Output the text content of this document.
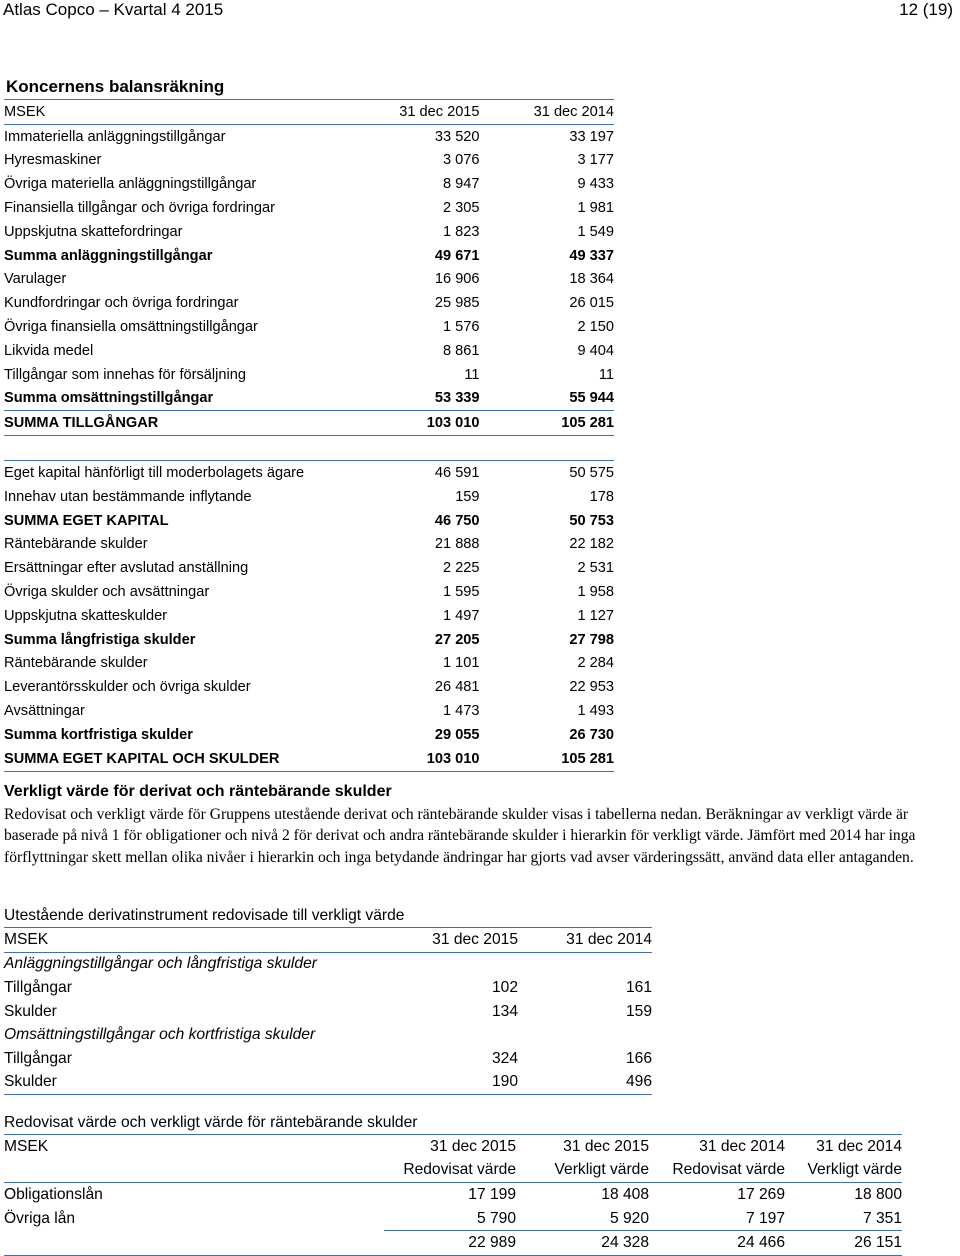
Atlas Copco – Kvartal 4 2015	12 (19)
Koncernens balansräkning
MSEK	31 dec 2015	31 dec 2014
Immateriella anläggningstillgångar	33 520	33 197
Hyresmaskiner	3 076	3 177
Övriga materiella anläggningstillgångar	8 947	9 433
Finansiella tillgångar och övriga fordringar	2 305	1 981
Uppskjutna skattefordringar	1 823	1 549
Summa anläggningstillgångar	49 671	49 337
Varulager	16 906	18 364
Kundfordringar och övriga fordringar	25 985	26 015
Övriga finansiella omsättningstillgångar	1 576	2 150
Likvida medel	8 861	9 404
Tillgångar som innehas för försäljning	11	11
Summa omsättningstillgångar	53 339	55 944
SUMMA TILLGÅNGAR	103 010	105 281

Eget kapital hänförligt till moderbolagets ägare	46 591	50 575
Innehav utan bestämmande inflytande	159	178
SUMMA EGET KAPITAL	46 750	50 753
Räntebärande skulder	21 888	22 182
Ersättningar efter avslutad anställning	2 225	2 531
Övriga skulder och avsättningar	1 595	1 958
Uppskjutna skatteskulder	1 497	1 127
Summa långfristiga skulder	27 205	27 798
Räntebärande skulder	1 101	2 284
Leverantörsskulder och övriga skulder	26 481	22 953
Avsättningar	1 473	1 493
Summa kortfristiga skulder	29 055	26 730
SUMMA EGET KAPITAL OCH SKULDER	103 010	105 281
Verkligt värde för derivat och räntebärande skulder
Redovisat och verkligt värde för Gruppens utestående derivat och räntebärande skulder visas i tabellerna nedan. Beräkningar av verkligt värde är baserade på nivå 1 för obligationer och nivå 2 för derivat och andra räntebärande skulder i hierarkin för verkligt värde. Jämfört med 2014 har inga förflyttningar skett mellan olika nivåer i hierarkin och inga betydande ändringar har gjorts vad avser värderingssätt, använd data eller antaganden.
Utestående derivatinstrument redovisade till verkligt värde
MSEK	31 dec 2015	31 dec 2014
Anläggningstillgångar och långfristiga skulder		
Tillgångar	102	161
Skulder	134	159
Omsättningstillgångar och kortfristiga skulder		
Tillgångar	324	166
Skulder	190	496
Redovisat värde och verkligt värde för räntebärande skulder
MSEK	31 dec 2015	31 dec 2015	31 dec 2014	31 dec 2014
	Redovisat värde	Verkligt värde	Redovisat värde	Verkligt värde
Obligationslån	17 199	18 408	17 269	18 800
Övriga lån	5 790	5 920	7 197	7 351
	22 989	24 328	24 466	26 151
